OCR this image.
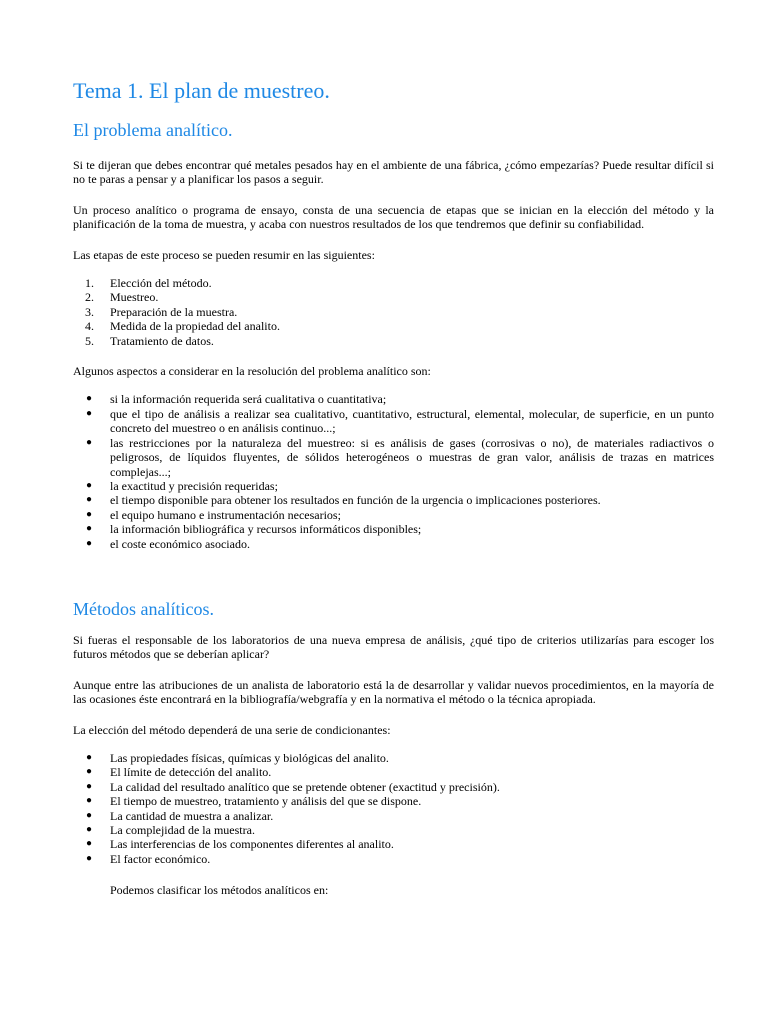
Tema 1. El plan de muestreo.
El problema analítico.

Si te dijeran que debes encontrar qué metales pesados hay en el ambiente de una fábrica, ¿cómo empezarías? Puede resultar difícil si no te paras a pensar y a planificar los pasos a seguir.

Un proceso analítico o programa de ensayo, consta de una secuencia de etapas que se inician en la elección del método y la planificación de la toma de muestra, y acaba con nuestros resultados de los que tendremos que definir su confiabilidad.

Las etapas de este proceso se pueden resumir en las siguientes:

1. Elección del método.
2. Muestreo.
3. Preparación de la muestra.
4. Medida de la propiedad del analito.
5. Tratamiento de datos.

Algunos aspectos a considerar en la resolución del problema analítico son:

● si la información requerida será cualitativa o cuantitativa;
● que el tipo de análisis a realizar sea cualitativo, cuantitativo, estructural, elemental, molecular, de superficie, en un punto concreto del muestreo o en análisis continuo...;
● las restricciones por la naturaleza del muestreo: si es análisis de gases (corrosivas o no), de materiales radiactivos o peligrosos, de líquidos fluyentes, de sólidos heterogéneos o muestras de gran valor, análisis de trazas en matrices complejas...;
● la exactitud y precisión requeridas;
● el tiempo disponible para obtener los resultados en función de la urgencia o implicaciones posteriores.
● el equipo humano e instrumentación necesarios;
● la información bibliográfica y recursos informáticos disponibles;
● el coste económico asociado.
Métodos analíticos.

Si fueras el responsable de los laboratorios de una nueva empresa de análisis, ¿qué tipo de criterios utilizarías para escoger los futuros métodos que se deberían aplicar?

Aunque entre las atribuciones de un analista de laboratorio está la de desarrollar y validar nuevos procedimientos, en la mayoría de las ocasiones éste encontrará en la bibliografía/webgrafía y en la normativa el método o la técnica apropiada.

La elección del método dependerá de una serie de condicionantes:

● Las propiedades físicas, químicas y biológicas del analito.
● El límite de detección del analito.
● La calidad del resultado analítico que se pretende obtener (exactitud y precisión).
● El tiempo de muestreo, tratamiento y análisis del que se dispone.
● La cantidad de muestra a analizar.
● La complejidad de la muestra.
● Las interferencias de los componentes diferentes al analito.
● El factor económico.

Podemos clasificar los métodos analíticos en:
